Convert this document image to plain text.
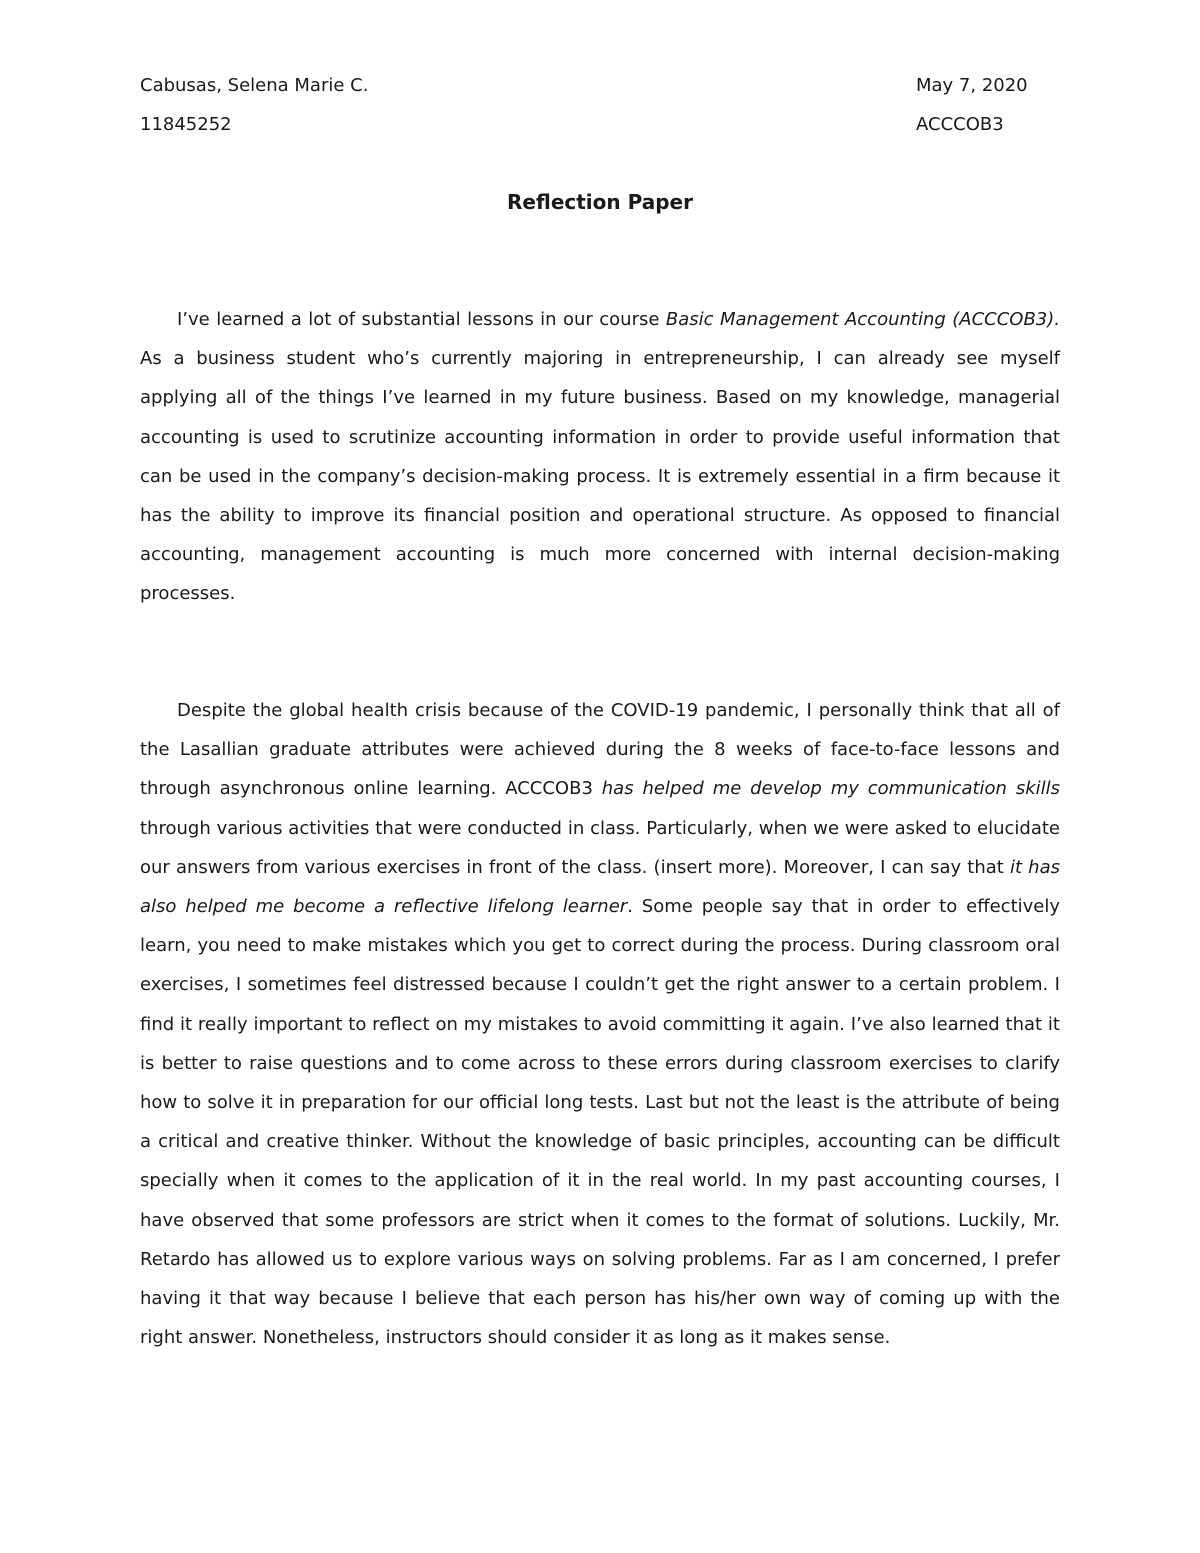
Cabusas, Selena Marie C.	May 7, 2020
11845252	ACCCOB3
Reflection Paper

I’ve learned a lot of substantial lessons in our course Basic Management Accounting (ACCCOB3). As a business student who’s currently majoring in entrepreneurship, I can already see myself applying all of the things I’ve learned in my future business. Based on my knowledge, managerial accounting is used to scrutinize accounting information in order to provide useful information that can be used in the company’s decision-making process. It is extremely essential in a firm because it has the ability to improve its financial position and operational structure. As opposed to financial accounting, management accounting is much more concerned with internal decision-making processes.

Despite the global health crisis because of the COVID-19 pandemic, I personally think that all of the Lasallian graduate attributes were achieved during the 8 weeks of face-to-face lessons and through asynchronous online learning. ACCCOB3 has helped me develop my communication skills through various activities that were conducted in class. Particularly, when we were asked to elucidate our answers from various exercises in front of the class. (insert more). Moreover, I can say that it has also helped me become a reflective lifelong learner. Some people say that in order to effectively learn, you need to make mistakes which you get to correct during the process. During classroom oral exercises, I sometimes feel distressed because I couldn’t get the right answer to a certain problem. I find it really important to reflect on my mistakes to avoid committing it again. I’ve also learned that it is better to raise questions and to come across to these errors during classroom exercises to clarify how to solve it in preparation for our official long tests. Last but not the least is the attribute of being a critical and creative thinker. Without the knowledge of basic principles, accounting can be difficult specially when it comes to the application of it in the real world. In my past accounting courses, I have observed that some professors are strict when it comes to the format of solutions. Luckily, Mr. Retardo has allowed us to explore various ways on solving problems. Far as I am concerned, I prefer having it that way because I believe that each person has his/her own way of coming up with the right answer. Nonetheless, instructors should consider it as long as it makes sense.
